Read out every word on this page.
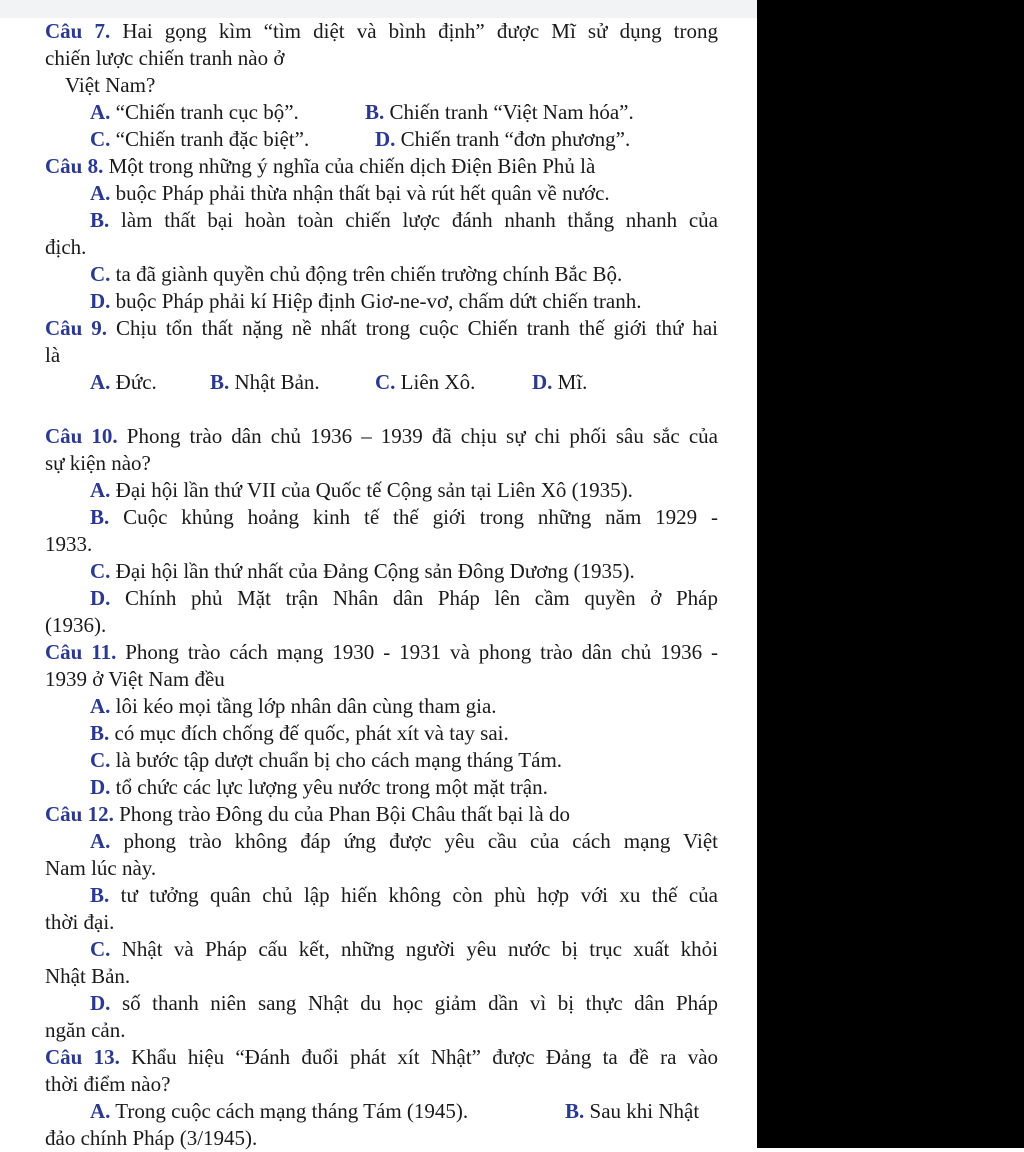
Câu 7. Hai gọng kìm “tìm diệt và bình định” được Mĩ sử dụng trong
chiến lược chiến tranh nào ở
Việt Nam?
A. “Chiến tranh cục bộ”.	B. Chiến tranh “Việt Nam hóa”.
C. “Chiến tranh đặc biệt”.	D. Chiến tranh “đơn phương”.
Câu 8. Một trong những ý nghĩa của chiến dịch Điện Biên Phủ là
A. buộc Pháp phải thừa nhận thất bại và rút hết quân về nước.
B. làm thất bại hoàn toàn chiến lược đánh nhanh thắng nhanh của
địch.
C. ta đã giành quyền chủ động trên chiến trường chính Bắc Bộ.
D. buộc Pháp phải kí Hiệp định Giơ-ne-vơ, chấm dứt chiến tranh.
Câu 9. Chịu tổn thất nặng nề nhất trong cuộc Chiến tranh thế giới thứ hai
là
A. Đức.	B. Nhật Bản.	C. Liên Xô.	D. Mĩ.
Câu 10. Phong trào dân chủ 1936 – 1939 đã chịu sự chi phối sâu sắc của
sự kiện nào?
A. Đại hội lần thứ VII của Quốc tế Cộng sản tại Liên Xô (1935).
B. Cuộc khủng hoảng kinh tế thế giới trong những năm 1929 -
1933.
C. Đại hội lần thứ nhất của Đảng Cộng sản Đông Dương (1935).
D. Chính phủ Mặt trận Nhân dân Pháp lên cầm quyền ở Pháp
(1936).
Câu 11. Phong trào cách mạng 1930 - 1931 và phong trào dân chủ 1936 -
1939 ở Việt Nam đều
A. lôi kéo mọi tầng lớp nhân dân cùng tham gia.
B. có mục đích chống đế quốc, phát xít và tay sai.
C. là bước tập dượt chuẩn bị cho cách mạng tháng Tám.
D. tổ chức các lực lượng yêu nước trong một mặt trận.
Câu 12. Phong trào Đông du của Phan Bội Châu thất bại là do
A. phong trào không đáp ứng được yêu cầu của cách mạng Việt
Nam lúc này.
B. tư tưởng quân chủ lập hiến không còn phù hợp với xu thế của
thời đại.
C. Nhật và Pháp cấu kết, những người yêu nước bị trục xuất khỏi
Nhật Bản.
D. số thanh niên sang Nhật du học giảm dần vì bị thực dân Pháp
ngăn cản.
Câu 13. Khẩu hiệu “Đánh đuổi phát xít Nhật” được Đảng ta đề ra vào
thời điểm nào?
A. Trong cuộc cách mạng tháng Tám (1945).	B. Sau khi Nhật
đảo chính Pháp (3/1945).
